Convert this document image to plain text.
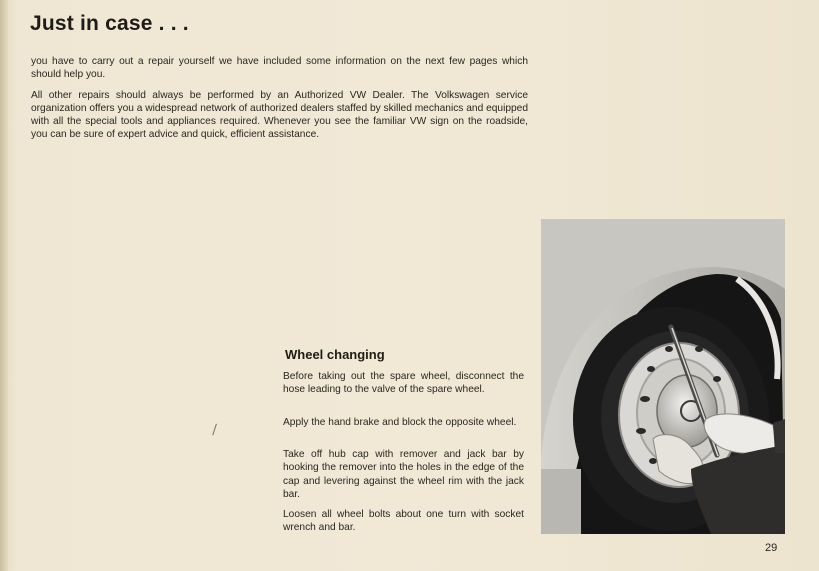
Just in case . . .

you have to carry out a repair yourself we have included some information on the next few pages which should help you.

All other repairs should always be performed by an Authorized VW Dealer. The Volkswagen service organization offers you a widespread network of authorized dealers staffed by skilled mechanics and equipped with all the special tools and appliances required. Whenever you see the familiar VW sign on the roadside, you can be sure of expert advice and quick, efficient assistance.

Wheel changing

Before taking out the spare wheel, disconnect the hose leading to the valve of the spare wheel.

Apply the hand brake and block the opposite wheel.

Take off hub cap with remover and jack bar by hooking the remover into the holes in the edge of the cap and levering against the wheel rim with the jack bar.

Loosen all wheel bolts about one turn with socket wrench and bar.

29
